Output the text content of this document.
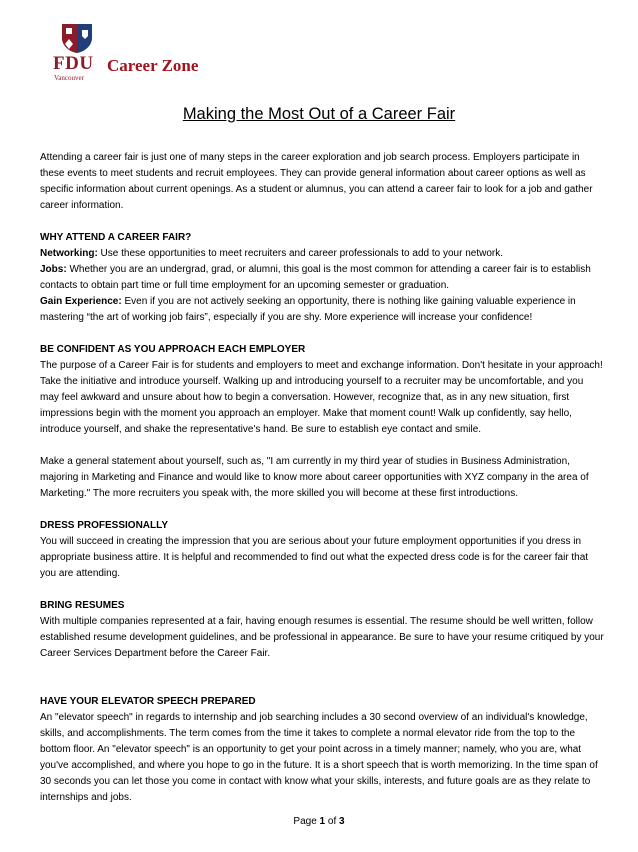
FDU
Vancouver
Career Zone
Making the Most Out of a Career Fair

Attending a career fair is just one of many steps in the career exploration and job search process. Employers participate in these events to meet students and recruit employees. They can provide general information about career options as well as specific information about current openings. As a student or alumnus, you can attend a career fair to look for a job and gather career information.

WHY ATTEND A CAREER FAIR?
Networking: Use these opportunities to meet recruiters and career professionals to add to your network.
Jobs: Whether you are an undergrad, grad, or alumni, this goal is the most common for attending a career fair is to establish contacts to obtain part time or full time employment for an upcoming semester or graduation.
Gain Experience: Even if you are not actively seeking an opportunity, there is nothing like gaining valuable experience in mastering “the art of working job fairs”, especially if you are shy. More experience will increase your confidence!

BE CONFIDENT AS YOU APPROACH EACH EMPLOYER
The purpose of a Career Fair is for students and employers to meet and exchange information. Don't hesitate in your approach! Take the initiative and introduce yourself. Walking up and introducing yourself to a recruiter may be uncomfortable, and you may feel awkward and unsure about how to begin a conversation. However, recognize that, as in any new situation, first impressions begin with the moment you approach an employer. Make that moment count! Walk up confidently, say hello, introduce yourself, and shake the representative's hand. Be sure to establish eye contact and smile.

Make a general statement about yourself, such as, "I am currently in my third year of studies in Business Administration, majoring in Marketing and Finance and would like to know more about career opportunities with XYZ company in the area of Marketing." The more recruiters you speak with, the more skilled you will become at these first introductions.

DRESS PROFESSIONALLY
You will succeed in creating the impression that you are serious about your future employment opportunities if you dress in appropriate business attire. It is helpful and recommended to find out what the expected dress code is for the career fair that you are attending.

BRING RESUMES
With multiple companies represented at a fair, having enough resumes is essential. The resume should be well written, follow established resume development guidelines, and be professional in appearance. Be sure to have your resume critiqued by your Career Services Department before the Career Fair.

HAVE YOUR ELEVATOR SPEECH PREPARED
An "elevator speech" in regards to internship and job searching includes a 30 second overview of an individual's knowledge, skills, and accomplishments. The term comes from the time it takes to complete a normal elevator ride from the top to the bottom floor. An "elevator speech" is an opportunity to get your point across in a timely manner; namely, who you are, what you've accomplished, and where you hope to go in the future. It is a short speech that is worth memorizing. In the time span of 30 seconds you can let those you come in contact with know what your skills, interests, and future goals are as they relate to internships and jobs.

Page 1 of 3
